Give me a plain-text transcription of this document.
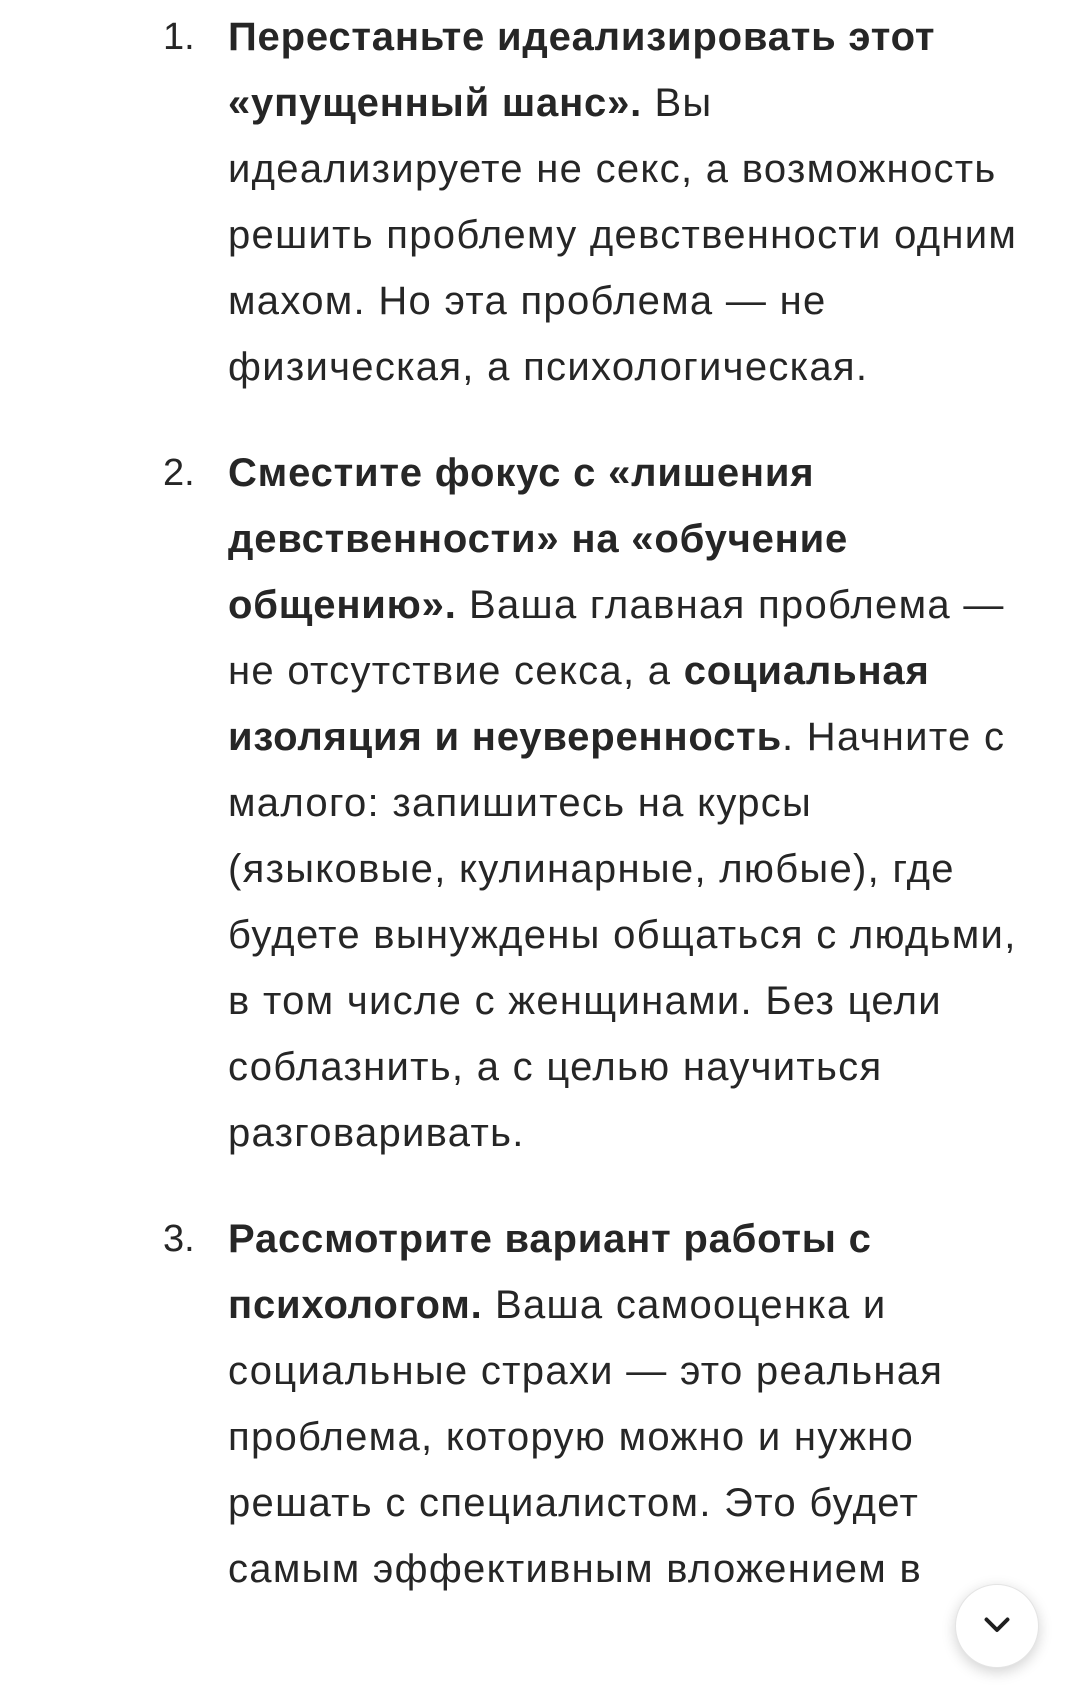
1. Перестаньте идеализировать этот «упущенный шанс». Вы идеализируете не секс, а возможность решить проблему девственности одним махом. Но эта проблема — не физическая, а психологическая.
2. Сместите фокус с «лишения девственности» на «обучение общению». Ваша главная проблема — не отсутствие секса, а социальная изоляция и неуверенность. Начните с малого: запишитесь на курсы (языковые, кулинарные, любые), где будете вынуждены общаться с людьми, в том числе с женщинами. Без цели соблазнить, а с целью научиться разговаривать.
3. Рассмотрите вариант работы с психологом. Ваша самооценка и социальные страхи — это реальная проблема, которую можно и нужно решать с специалистом. Это будет самым эффективным вложением в
